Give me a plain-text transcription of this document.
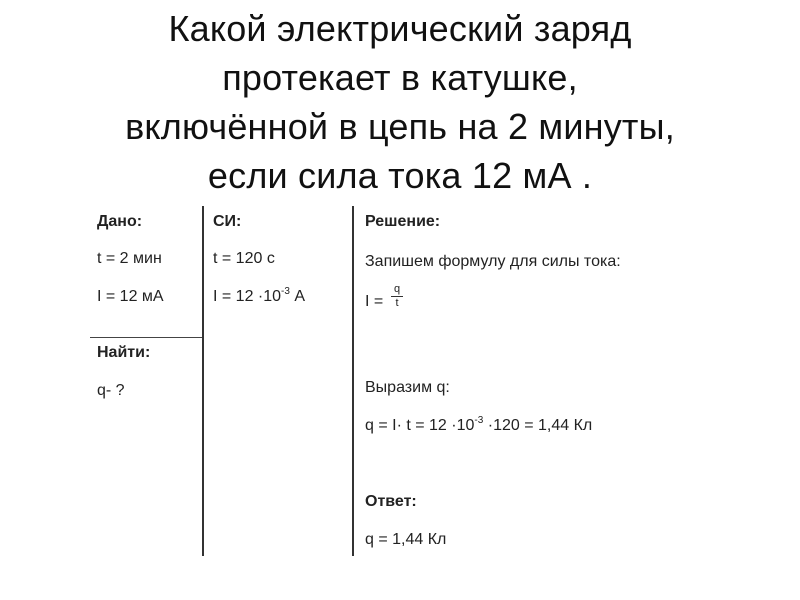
Какой электрический заряд
протекает в катушке,
включённой в цепь на 2 минуты,
если сила тока 12 мА .
Дано:
t = 2 мин
I = 12 мА
СИ:
t = 120 с
$I = 12 \cdot 10^{-3}$ А
Найти:
q- ?
Решение:
Запишем формулу для силы тока:
I =
q
t
Выразим q:
$q = I\cdot t = 12 \cdot 10^{-3} \cdot 120 = 1,44$ Кл
Ответ:
q = 1,44 Кл
